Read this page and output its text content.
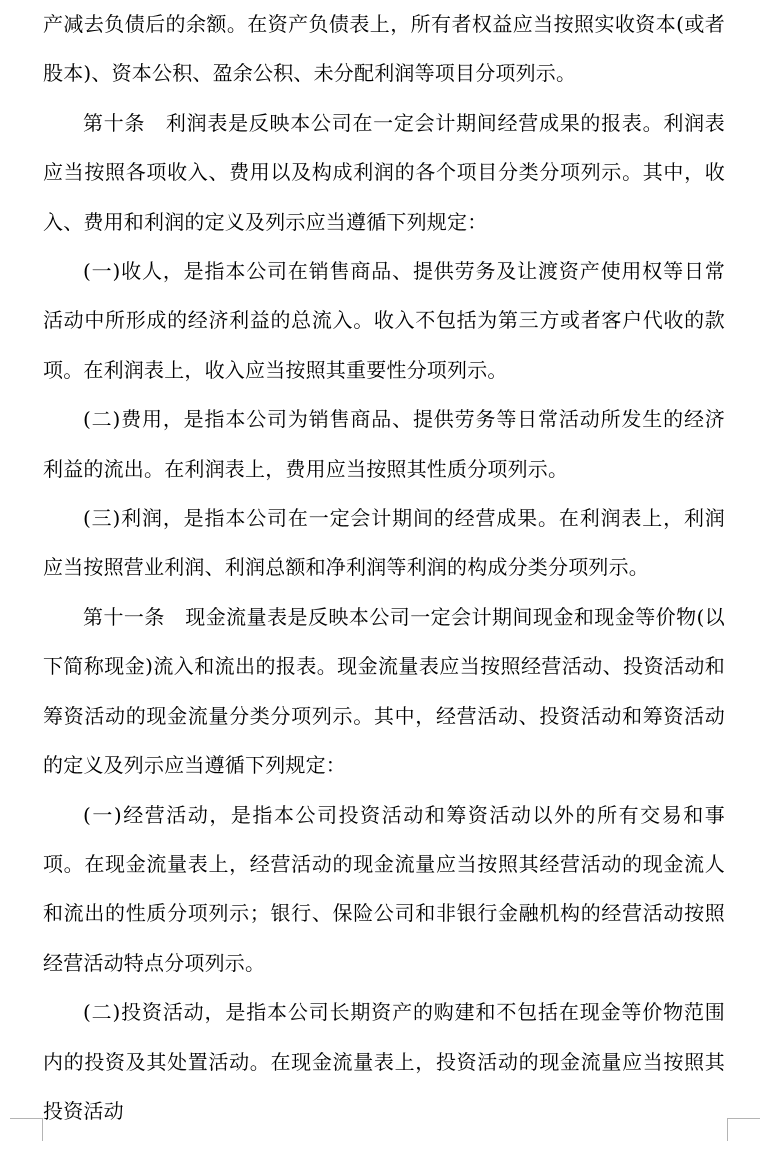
产减去负债后的余额。在资产负债表上，所有者权益应当按照实收资本(或者股本)、资本公积、盈余公积、未分配利润等项目分项列示。

第十条　利润表是反映本公司在一定会计期间经营成果的报表。利润表应当按照各项收入、费用以及构成利润的各个项目分类分项列示。其中，收入、费用和利润的定义及列示应当遵循下列规定：

(一)收人，是指本公司在销售商品、提供劳务及让渡资产使用权等日常活动中所形成的经济利益的总流入。收入不包括为第三方或者客户代收的款项。在利润表上，收入应当按照其重要性分项列示。

(二)费用，是指本公司为销售商品、提供劳务等日常活动所发生的经济利益的流出。在利润表上，费用应当按照其性质分项列示。

(三)利润，是指本公司在一定会计期间的经营成果。在利润表上，利润应当按照营业利润、利润总额和净利润等利润的构成分类分项列示。

第十一条　现金流量表是反映本公司一定会计期间现金和现金等价物(以下简称现金)流入和流出的报表。现金流量表应当按照经营活动、投资活动和筹资活动的现金流量分类分项列示。其中，经营活动、投资活动和筹资活动的定义及列示应当遵循下列规定：

(一)经营活动，是指本公司投资活动和筹资活动以外的所有交易和事项。在现金流量表上，经营活动的现金流量应当按照其经营活动的现金流人和流出的性质分项列示；银行、保险公司和非银行金融机构的经营活动按照经营活动特点分项列示。

(二)投资活动，是指本公司长期资产的购建和不包括在现金等价物范围内的投资及其处置活动。在现金流量表上，投资活动的现金流量应当按照其投资活动
